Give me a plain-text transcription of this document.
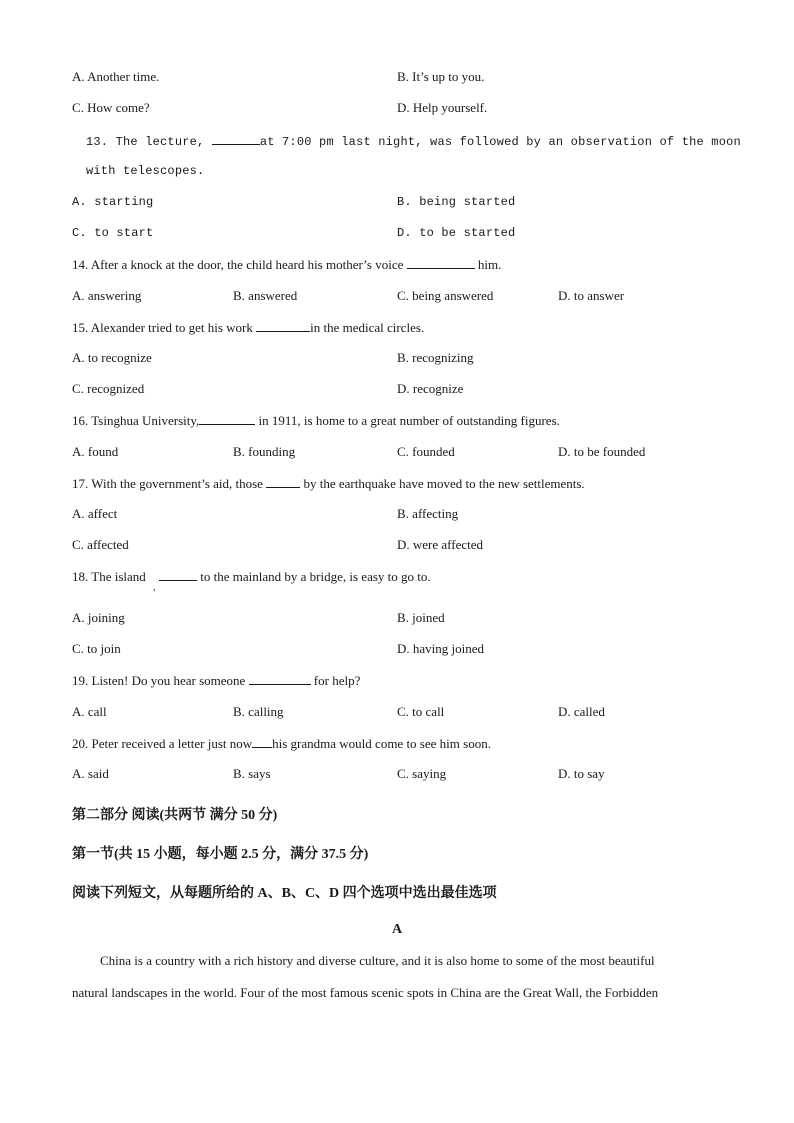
A. Another time.	B. It’s up to you.
C. How come?	D. Help yourself.
13. The lecture,	at 7:00 pm last night, was followed by an observation of the moon
with telescopes.
A. starting	B. being started
C. to start	D. to be started
14. After a knock at the door, the child heard his mother’s voice	him.
A. answering	B. answered	C. being answered	D. to answer
15. Alexander tried to get his work	in the medical circles.
A. to recognize	B. recognizing
C. recognized	D. recognize
16. Tsinghua University,	in 1911, is home to a great number of outstanding figures.
A. found	B. founding	C. founded	D. to be founded
17. With the government’s aid, those	by the earthquake have moved to the new settlements.
A. affect	B. affecting
C. affected	D. were affected
18. The island	to the mainland by a bridge, is easy to go to.
,
A. joining	B. joined
C. to join	D. having joined
19. Listen! Do you hear someone	for help?
A. call	B. calling	C. to call	D. called
20. Peter received a letter just now his grandma would come to see him soon.
A. said	B. says	C. saying	D. to say
第二部分 阅读(共两节 满分 50 分)
第一节(共 15 小题，每小题 2.5 分，满分 37.5 分)
阅读下列短文，从每题所给的 A、B、C、D 四个选项中选出最佳选项
A
China is a country with a rich history and diverse culture, and it is also home to some of the most beautiful
natural landscapes in the world. Four of the most famous scenic spots in China are the Great Wall, the Forbidden
